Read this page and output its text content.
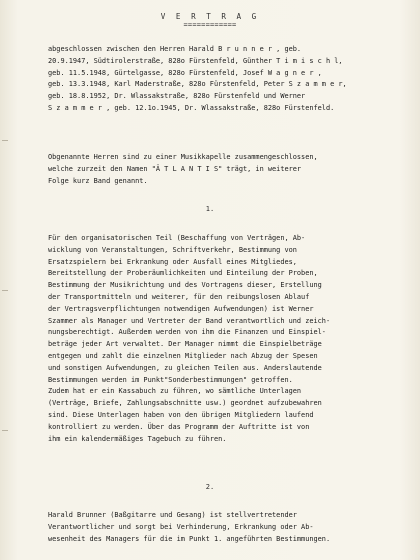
V E R T R A G
============
abgeschlossen zwischen den Herren Harald B r u n n e r , geb.
20.9.1947, Südtirolerstraße, 828o Fürstenfeld, Günther T i m i s c h l,
geb. 11.5.1948, Gürtelgasse, 828o Fürstenfeld, Josef W a g n e r ,
geb. 13.3.1948, Karl Maderstraße, 828o Fürstenfeld, Peter S z a m m e r,
geb. 18.8.1952, Dr. Wlassakstraße, 828o Fürstenfeld und Werner
S z a m m e r , geb. 12.1o.1945, Dr. Wlassakstraße, 828o Fürstenfeld.
Obgenannte Herren sind zu einer Musikkapelle zusammengeschlossen,
welche zurzeit den Namen "Ä T L A N T I S" trägt, in weiterer
Folge kurz Band genannt.
1.
Für den organisatorischen Teil (Beschaffung von Verträgen, Ab-
wicklung von Veranstaltungen, Schriftverkehr, Bestimmung von
Ersatzspielern bei Erkrankung oder Ausfall eines Mitgliedes,
Bereitstellung der Proberäumlichkeiten und Einteilung der Proben,
Bestimmung der Musikrichtung und des Vortragens dieser, Erstellung
der Transportmitteln und weiterer, für den reibungslosen Ablauf
der Vertragsverpflichtungen notwendigen Aufwendungen) ist Werner
Szammer als Manager und Vertreter der Band verantwortlich und zeich-
nungsberechtigt. Außerdem werden von ihm die Finanzen und Einspiel-
beträge jeder Art verwaltet. Der Manager nimmt die Einspielbeträge
entgegen und zahlt die einzelnen Mitglieder nach Abzug der Spesen
und sonstigen Aufwendungen, zu gleichen Teilen aus. Anderslautende
Bestimmungen werden im Punkt"Sonderbestimmungen" getroffen.
Zudem hat er ein Kassabuch zu führen, wo sämtliche Unterlagen
(Verträge, Briefe, Zahlungsabschnitte usw.) geordnet aufzubewahren
sind. Diese Unterlagen haben von den übrigen Mitgliedern laufend
kontrolliert zu werden. Über das Programm der Auftritte ist von
ihm ein kalendermäßiges Tagebuch zu führen.
2.
Harald Brunner (Baßgitarre und Gesang) ist stellvertretender
Verantwortlicher und sorgt bei Verhinderung, Erkrankung oder Ab-
wesenheit des Managers für die im Punkt 1. angeführten Bestimmungen.
